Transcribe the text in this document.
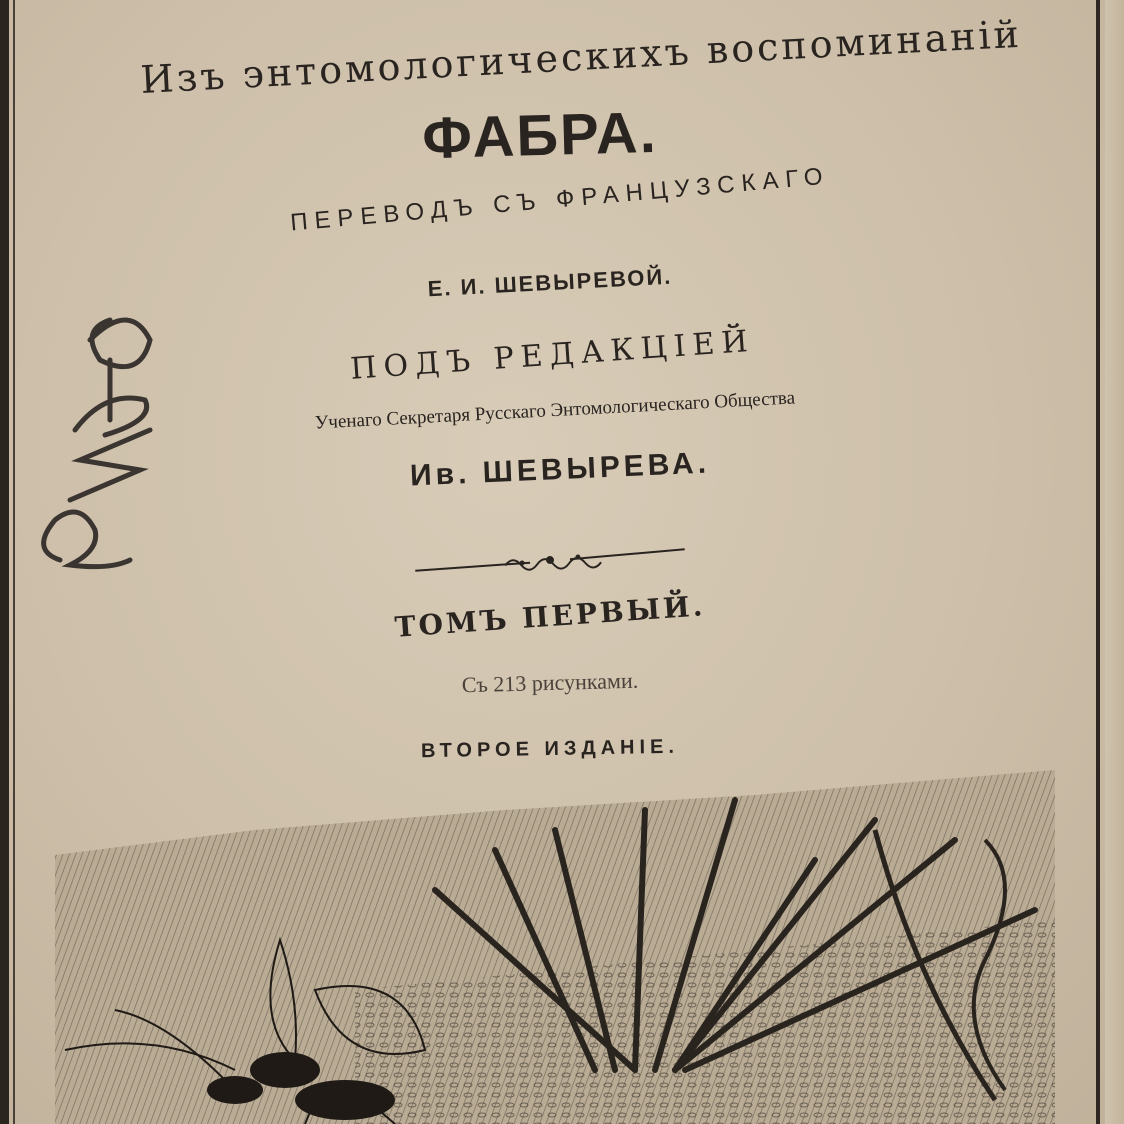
Изъ энтомологическихъ воспоминаній
ФАБРА.
ПЕРЕВОДЪ СЪ ФРАНЦУЗСКАГО
Е. И. ШЕВЫРЕВОЙ.
ПОДЪ РЕДАКЦІЕЙ
Ученаго Секретаря Русскаго Энтомологическаго Общества
Ив. ШЕВЫРЕВА.
ТОМЪ ПЕРВЫЙ.
Съ 213 рисунками.
ВТОРОЕ ИЗДАНІЕ.
